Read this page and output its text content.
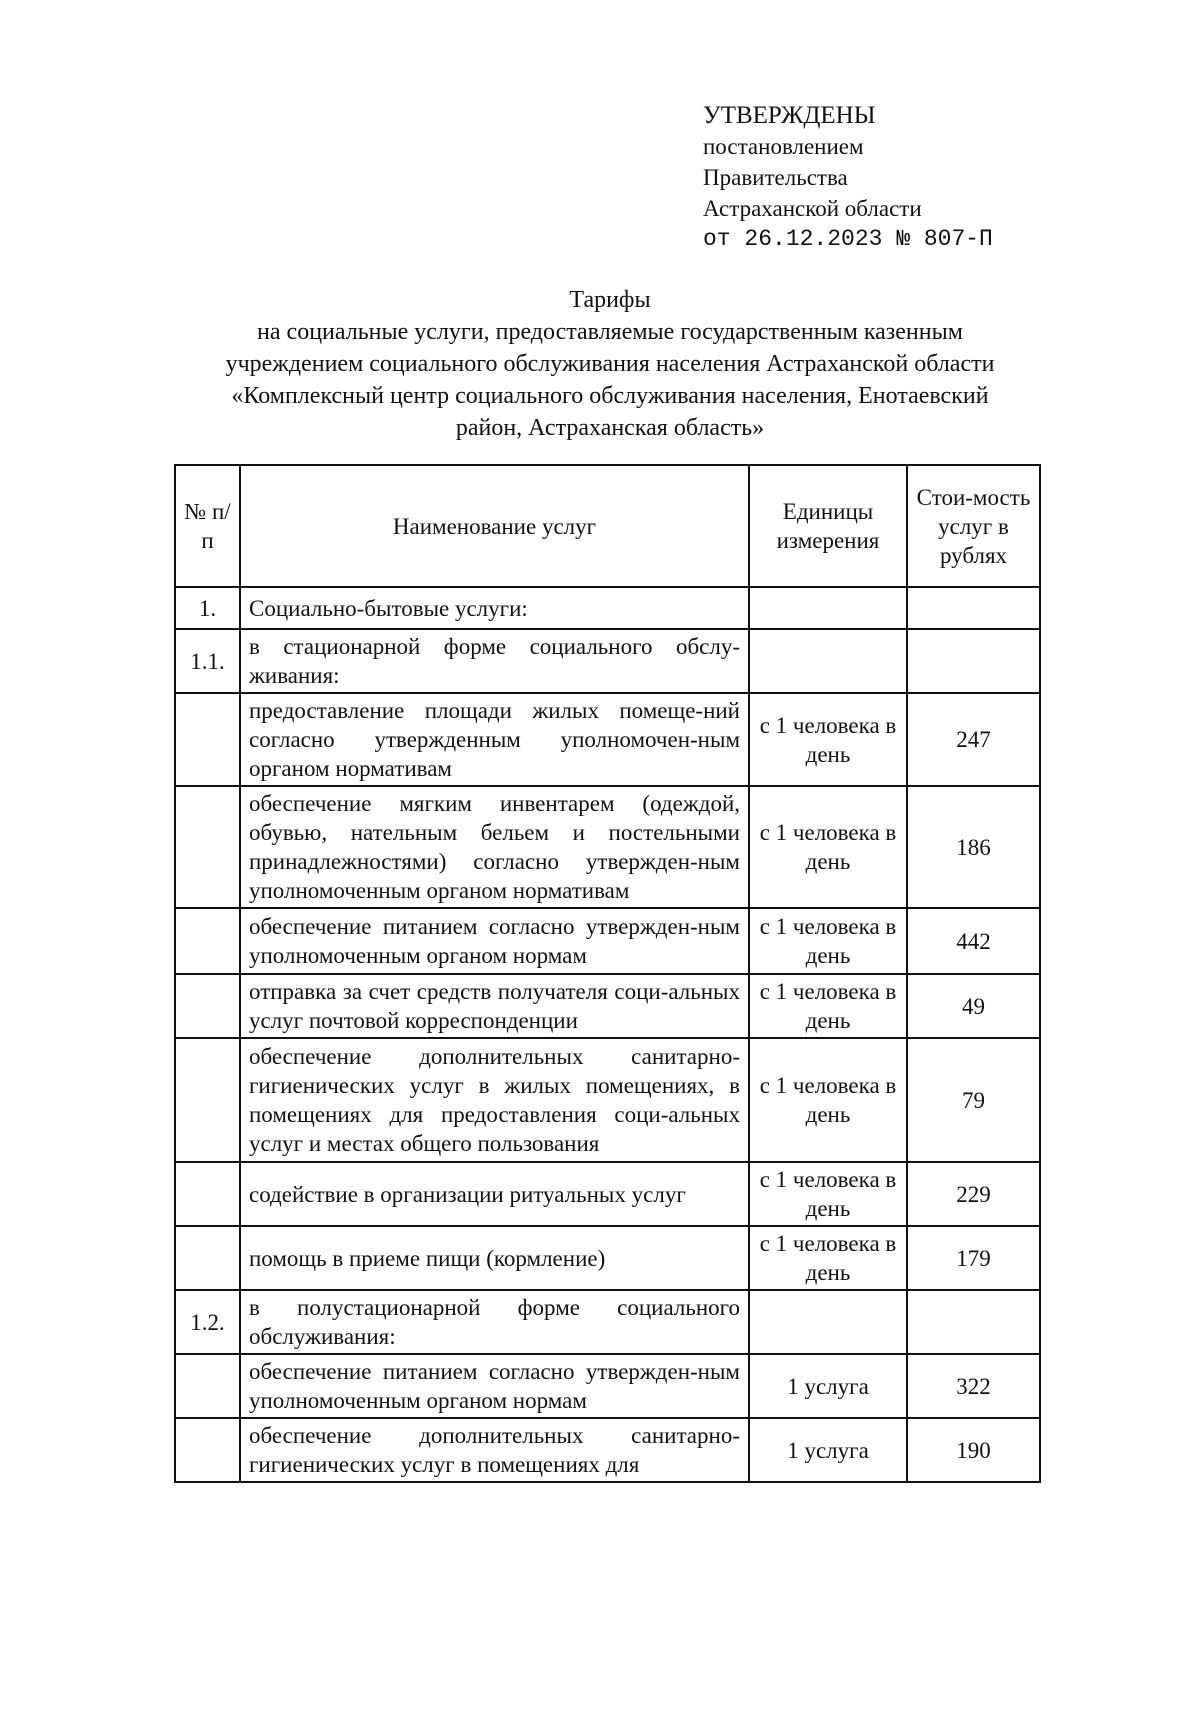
УТВЕРЖДЕНЫ
постановлением
Правительства
Астраханской области
от 26.12.2023 № 807-П
Тарифы
на социальные услуги, предоставляемые государственным казенным
учреждением социального обслуживания населения Астраханской области
«Комплексный центр социального обслуживания населения, Енотаевский
район, Астраханская область»
№ п/п	Наименование услуг	Единицы измерения	Стои-мость услуг в рублях
1.	Социально-бытовые услуги:		
1.1.	в стационарной форме социального обслу-живания:		
	предоставление площади жилых помеще-ний согласно утвержденным уполномочен-ным органом нормативам	с 1 человека в день	247
	обеспечение мягким инвентарем (одеждой, обувью, нательным бельем и постельными принадлежностями) согласно утвержден-ным уполномоченным органом нормативам	с 1 человека в день	186
	обеспечение питанием согласно утвержден-ным уполномоченным органом нормам	с 1 человека в день	442
	отправка за счет средств получателя соци-альных услуг почтовой корреспонденции	с 1 человека в день	49
	обеспечение дополнительных санитарно-гигиенических услуг в жилых помещениях, в помещениях для предоставления соци-альных услуг и местах общего пользования	с 1 человека в день	79
	содействие в организации ритуальных услуг	с 1 человека в день	229
	помощь в приеме пищи (кормление)	с 1 человека в день	179
1.2.	в полустационарной форме социального обслуживания:		
	обеспечение питанием согласно утвержден-ным уполномоченным органом нормам	1 услуга	322
	обеспечение дополнительных санитарно-гигиенических услуг в помещениях для	1 услуга	190
